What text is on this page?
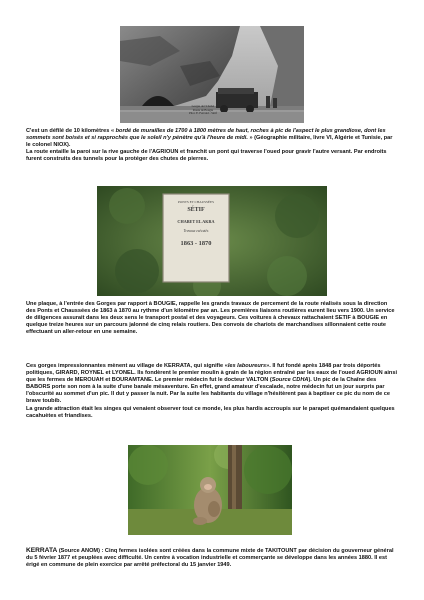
Gorges de l'Chabet
Route de Bougie
Phot. E. Ferrand - Sétif

C'est un défilé de 10 kilomètres « bordé de murailles de 1700 à 1800 mètres de haut, roches à pic de l'aspect le plus grandiose, dont les sommets sont boisés et si rapprochés que le soleil n'y pénètre qu'à l'heure de midi. » (Géographie militaire, livre VI, Algérie et Tunisie, par le colonel NIOX).
La route entaille la paroi sur la rive gauche de l'AGRIOUN et franchit un pont qui traverse l'oued pour gravir l'autre versant. Par endroits furent construits des tunnels pour la protéger des chutes de pierres.

PONTS ET CHAUSSÉES
SÉTIF
CHABET EL AKRA
Travaux exécutés
1863 - 1870

Une plaque, à l'entrée des Gorges par rapport à BOUGIE, rappelle les grands travaux de percement de la route réalisés sous la direction des Ponts et Chaussées de 1863 à 1870 au rythme d'un kilomètre par an. Les premières liaisons routières eurent lieu vers 1900. Un service de diligences assurait dans les deux sens le transport postal et des voyageurs. Ces voitures à chevaux rattachaient SETIF à BOUGIE en quelque treize heures sur un parcours jalonné de cinq relais routiers. Des convois de chariots de marchandises sillonnaient cette route effectuant un aller-retour en une semaine.

Ces gorges impressionnantes mènent au village de KERRATA, qui signifie «les laboureurs». Il fut fondé après 1848 par trois déportés politiques, GIRARD, ROYNEL et LYONEL. Ils fondèrent le premier moulin à grain de la région entraîné par les eaux de l'oued AGRIOUN ainsi que les fermes de MEROUAH et BOURAMTANE. Le premier médecin fut le docteur VALTON (Source CDHA). Un pic de la Chaîne des BABORS porte son nom à la suite d'une banale mésaventure. En effet, grand amateur d'escalade, notre médecin fut un jour surpris par l'obscurité au sommet d'un pic. Il dut y passer la nuit. Par la suite les habitants du village n'hésitèrent pas à baptiser ce pic du nom de ce brave toubib.
La grande attraction était les singes qui venaient observer tout ce monde, les plus hardis accroupis sur le parapet quémandaient quelques cacahuètes et friandises.

KERRATA (Source ANOM) : Cinq fermes isolées sont créées dans la commune mixte de TAKITOUNT par décision du gouverneur général du 5 février 1877 et peuplées avec difficulté. Un centre à vocation industrielle et commerçante se développe dans les années 1880. Il est érigé en commune de plein exercice par arrêté préfectoral du 15 janvier 1949.
